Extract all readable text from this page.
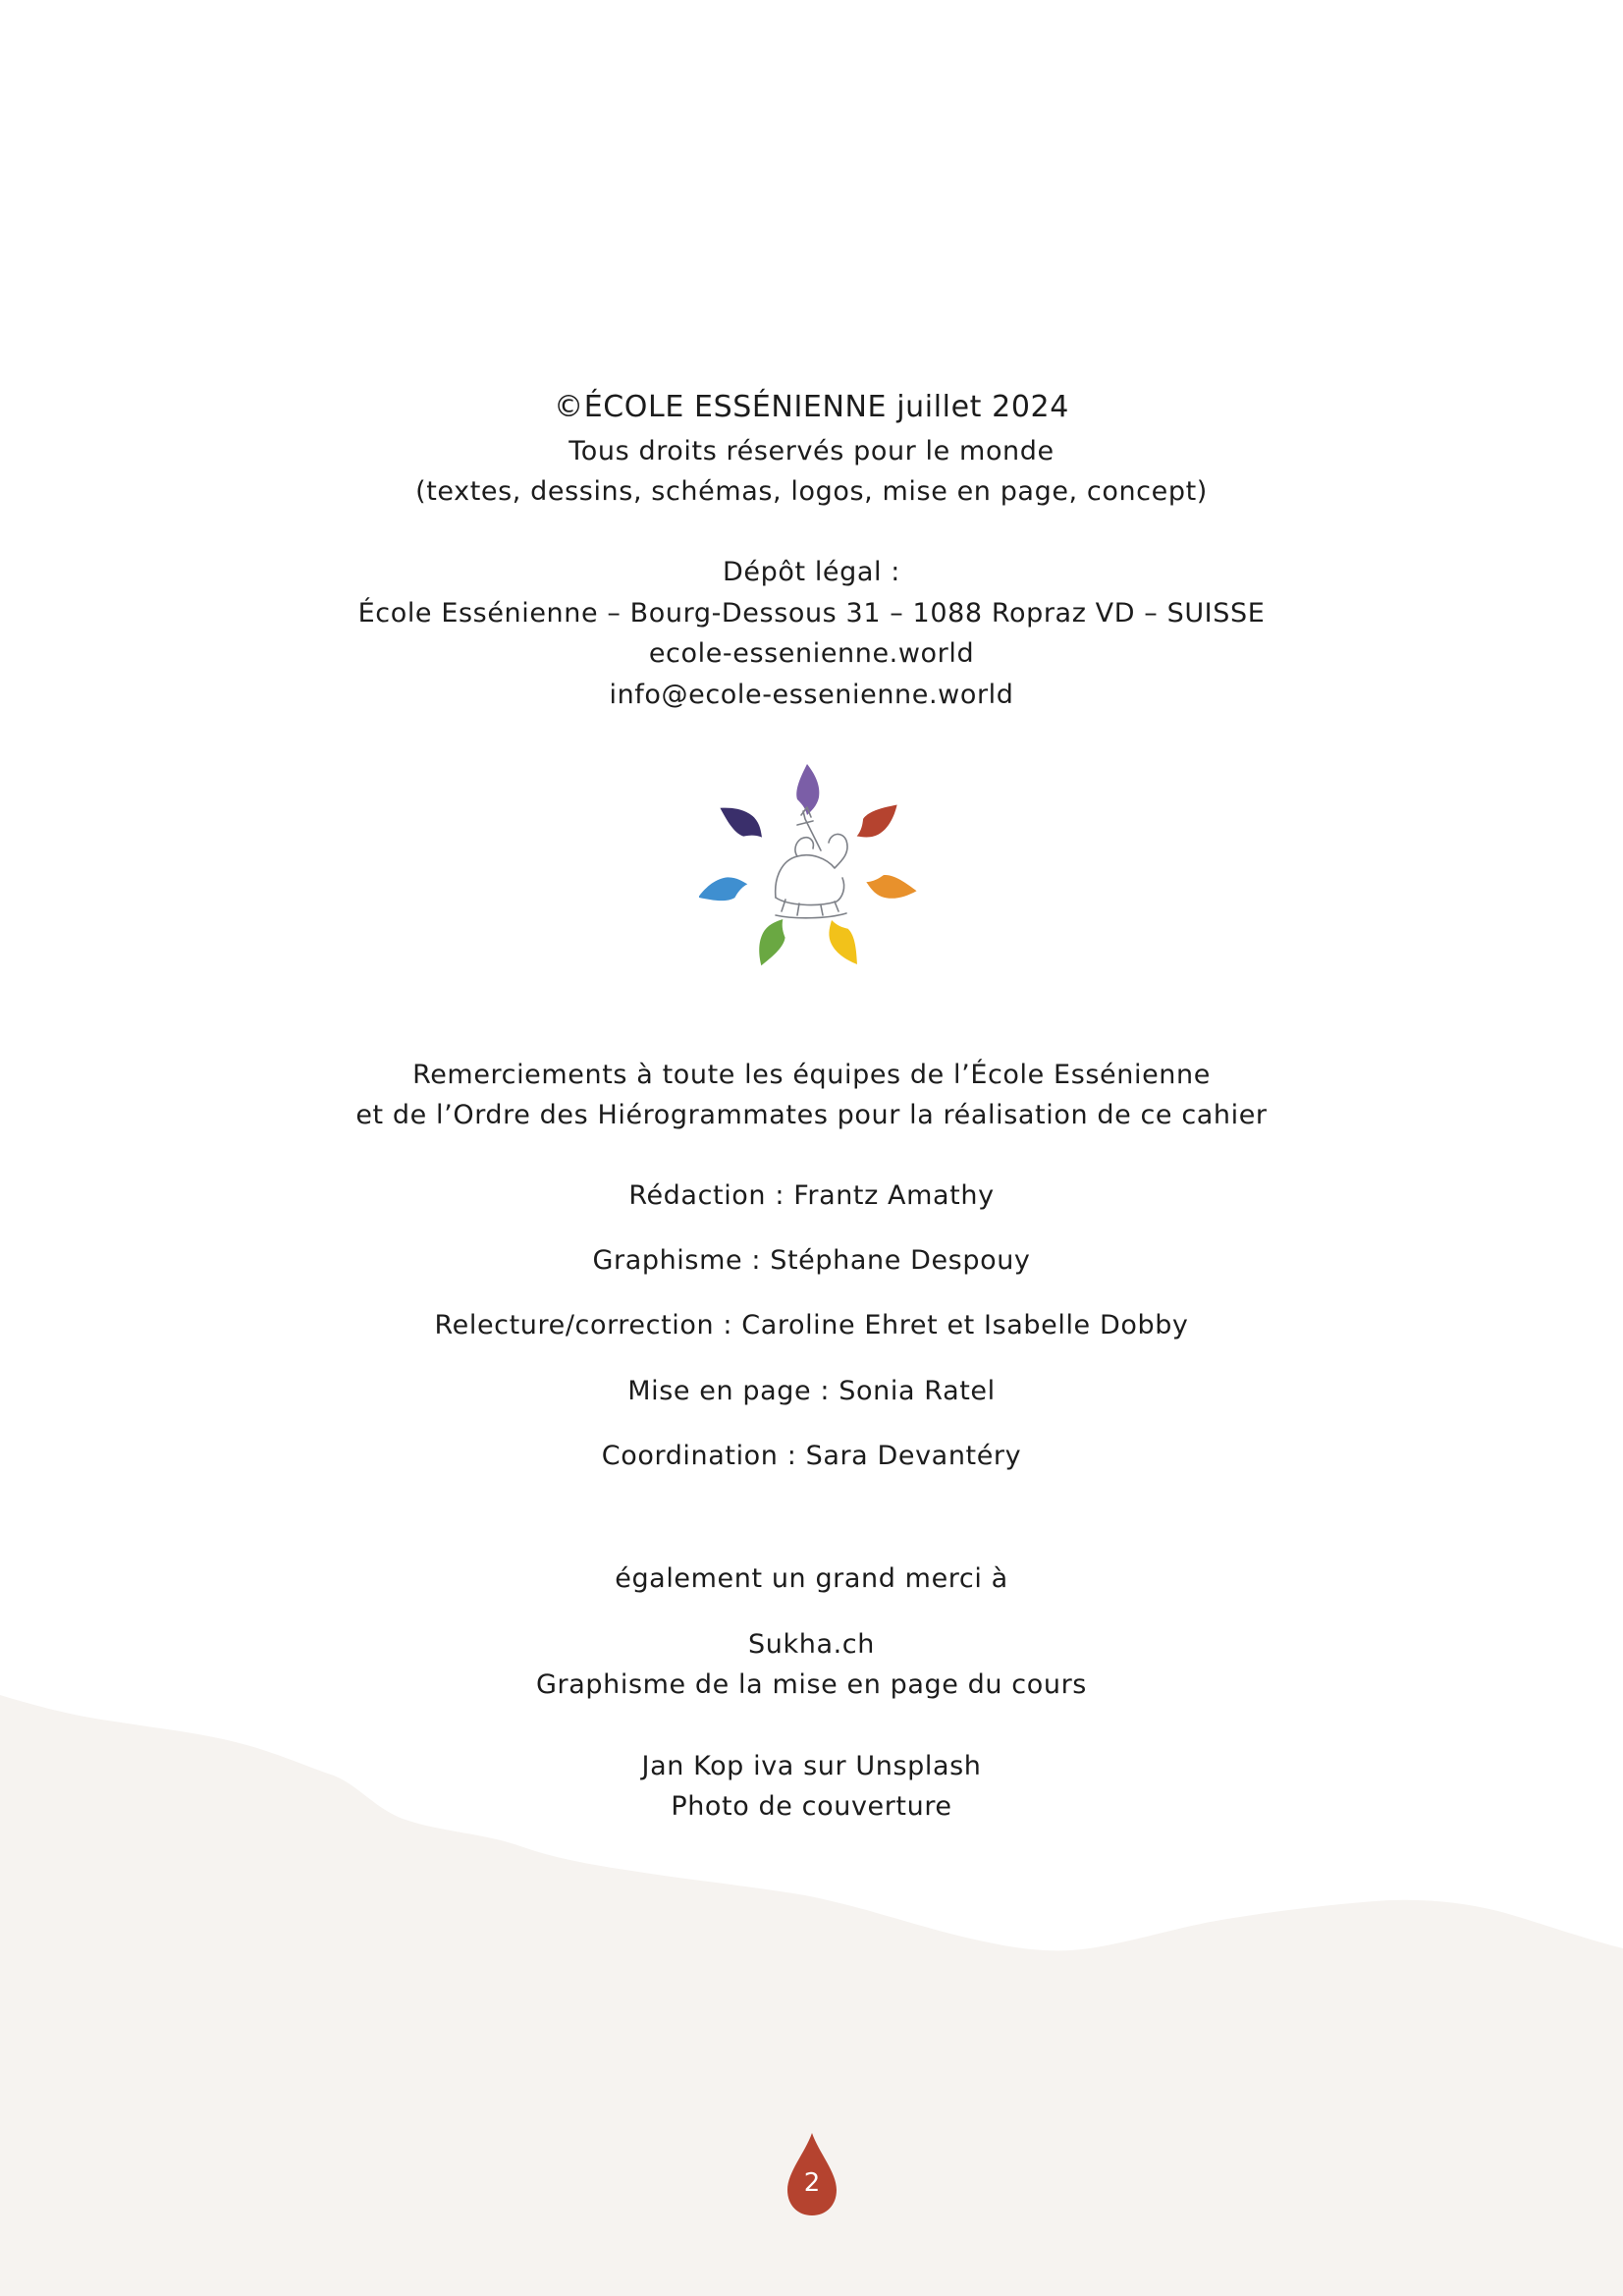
©ÉCOLE ESSÉNIENNE juillet 2024
Tous droits réservés pour le monde
(textes, dessins, schémas, logos, mise en page, concept)
Dépôt légal :
École Essénienne – Bourg-Dessous 31 – 1088 Ropraz VD – SUISSE
ecole-essenienne.world
info@ecole-essenienne.world
Remerciements à toute les équipes de l’École Essénienne
et de l’Ordre des Hiérogrammates pour la réalisation de ce cahier
Rédaction : Frantz Amathy
Graphisme : Stéphane Despouy
Relecture/correction : Caroline Ehret et Isabelle Dobby
Mise en page : Sonia Ratel
Coordination : Sara Devantéry
également un grand merci à
Sukha.ch
Graphisme de la mise en page du cours
Jan Kop iva sur Unsplash
Photo de couverture
2
